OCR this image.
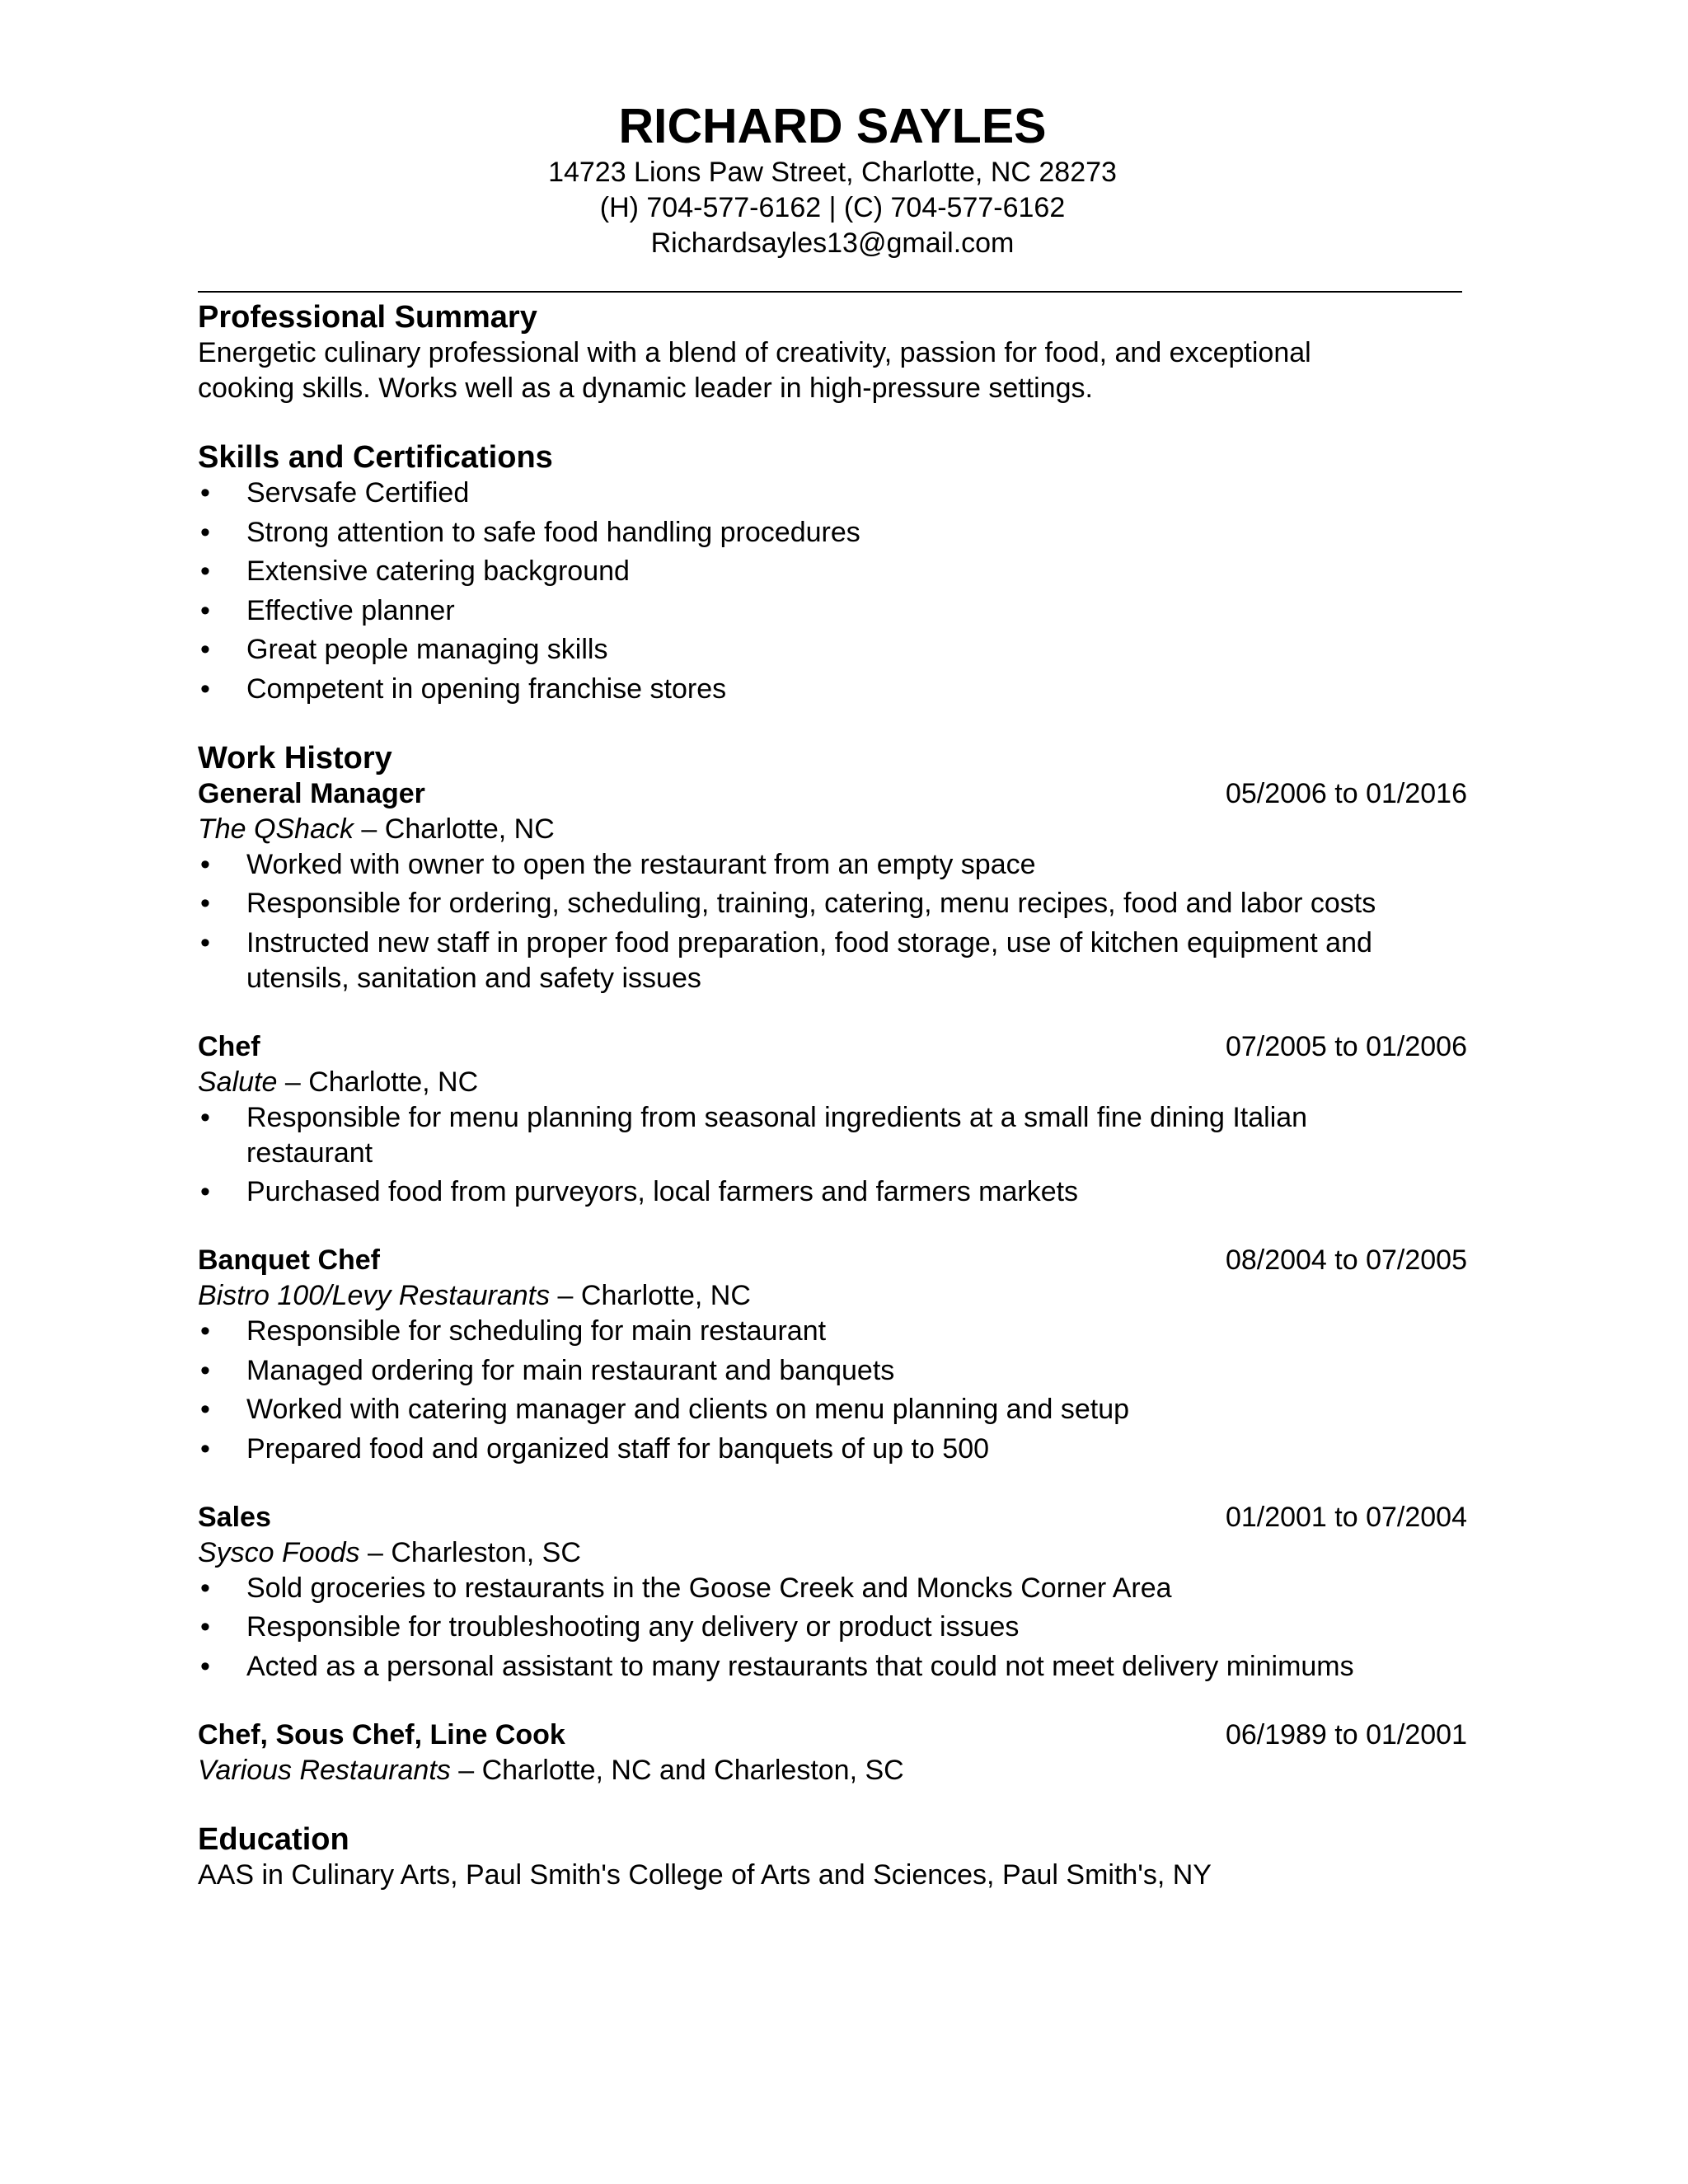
RICHARD SAYLES

14723 Lions Paw Street, Charlotte, NC 28273

(H) 704-577-6162 | (C) 704-577-6162

Richardsayles13@gmail.com

Professional Summary

Energetic culinary professional with a blend of creativity, passion for food, and exceptional

cooking skills. Works well as a dynamic leader in high-pressure settings.

Skills and Certifications
• Servsafe Certified
• Strong attention to safe food handling procedures
• Extensive catering background
• Effective planner
• Great people managing skills
• Competent in opening franchise stores
Work History
General Manager	05/2006 to 01/2016

The QShack – Charlotte, NC

• Worked with owner to open the restaurant from an empty space
• Responsible for ordering, scheduling, training, catering, menu recipes, food and labor costs
• Instructed new staff in proper food preparation, food storage, use of kitchen equipment and
utensils, sanitation and safety issues
Chef	07/2005 to 01/2006

Salute – Charlotte, NC

• Responsible for menu planning from seasonal ingredients at a small fine dining Italian
restaurant
• Purchased food from purveyors, local farmers and farmers markets
Banquet Chef	08/2004 to 07/2005

Bistro 100/Levy Restaurants – Charlotte, NC

• Responsible for scheduling for main restaurant
• Managed ordering for main restaurant and banquets
• Worked with catering manager and clients on menu planning and setup
• Prepared food and organized staff for banquets of up to 500
Sales	01/2001 to 07/2004

Sysco Foods – Charleston, SC

• Sold groceries to restaurants in the Goose Creek and Moncks Corner Area
• Responsible for troubleshooting any delivery or product issues
• Acted as a personal assistant to many restaurants that could not meet delivery minimums
Chef, Sous Chef, Line Cook	06/1989 to 01/2001

Various Restaurants – Charlotte, NC and Charleston, SC

Education

AAS in Culinary Arts, Paul Smith's College of Arts and Sciences, Paul Smith's, NY
